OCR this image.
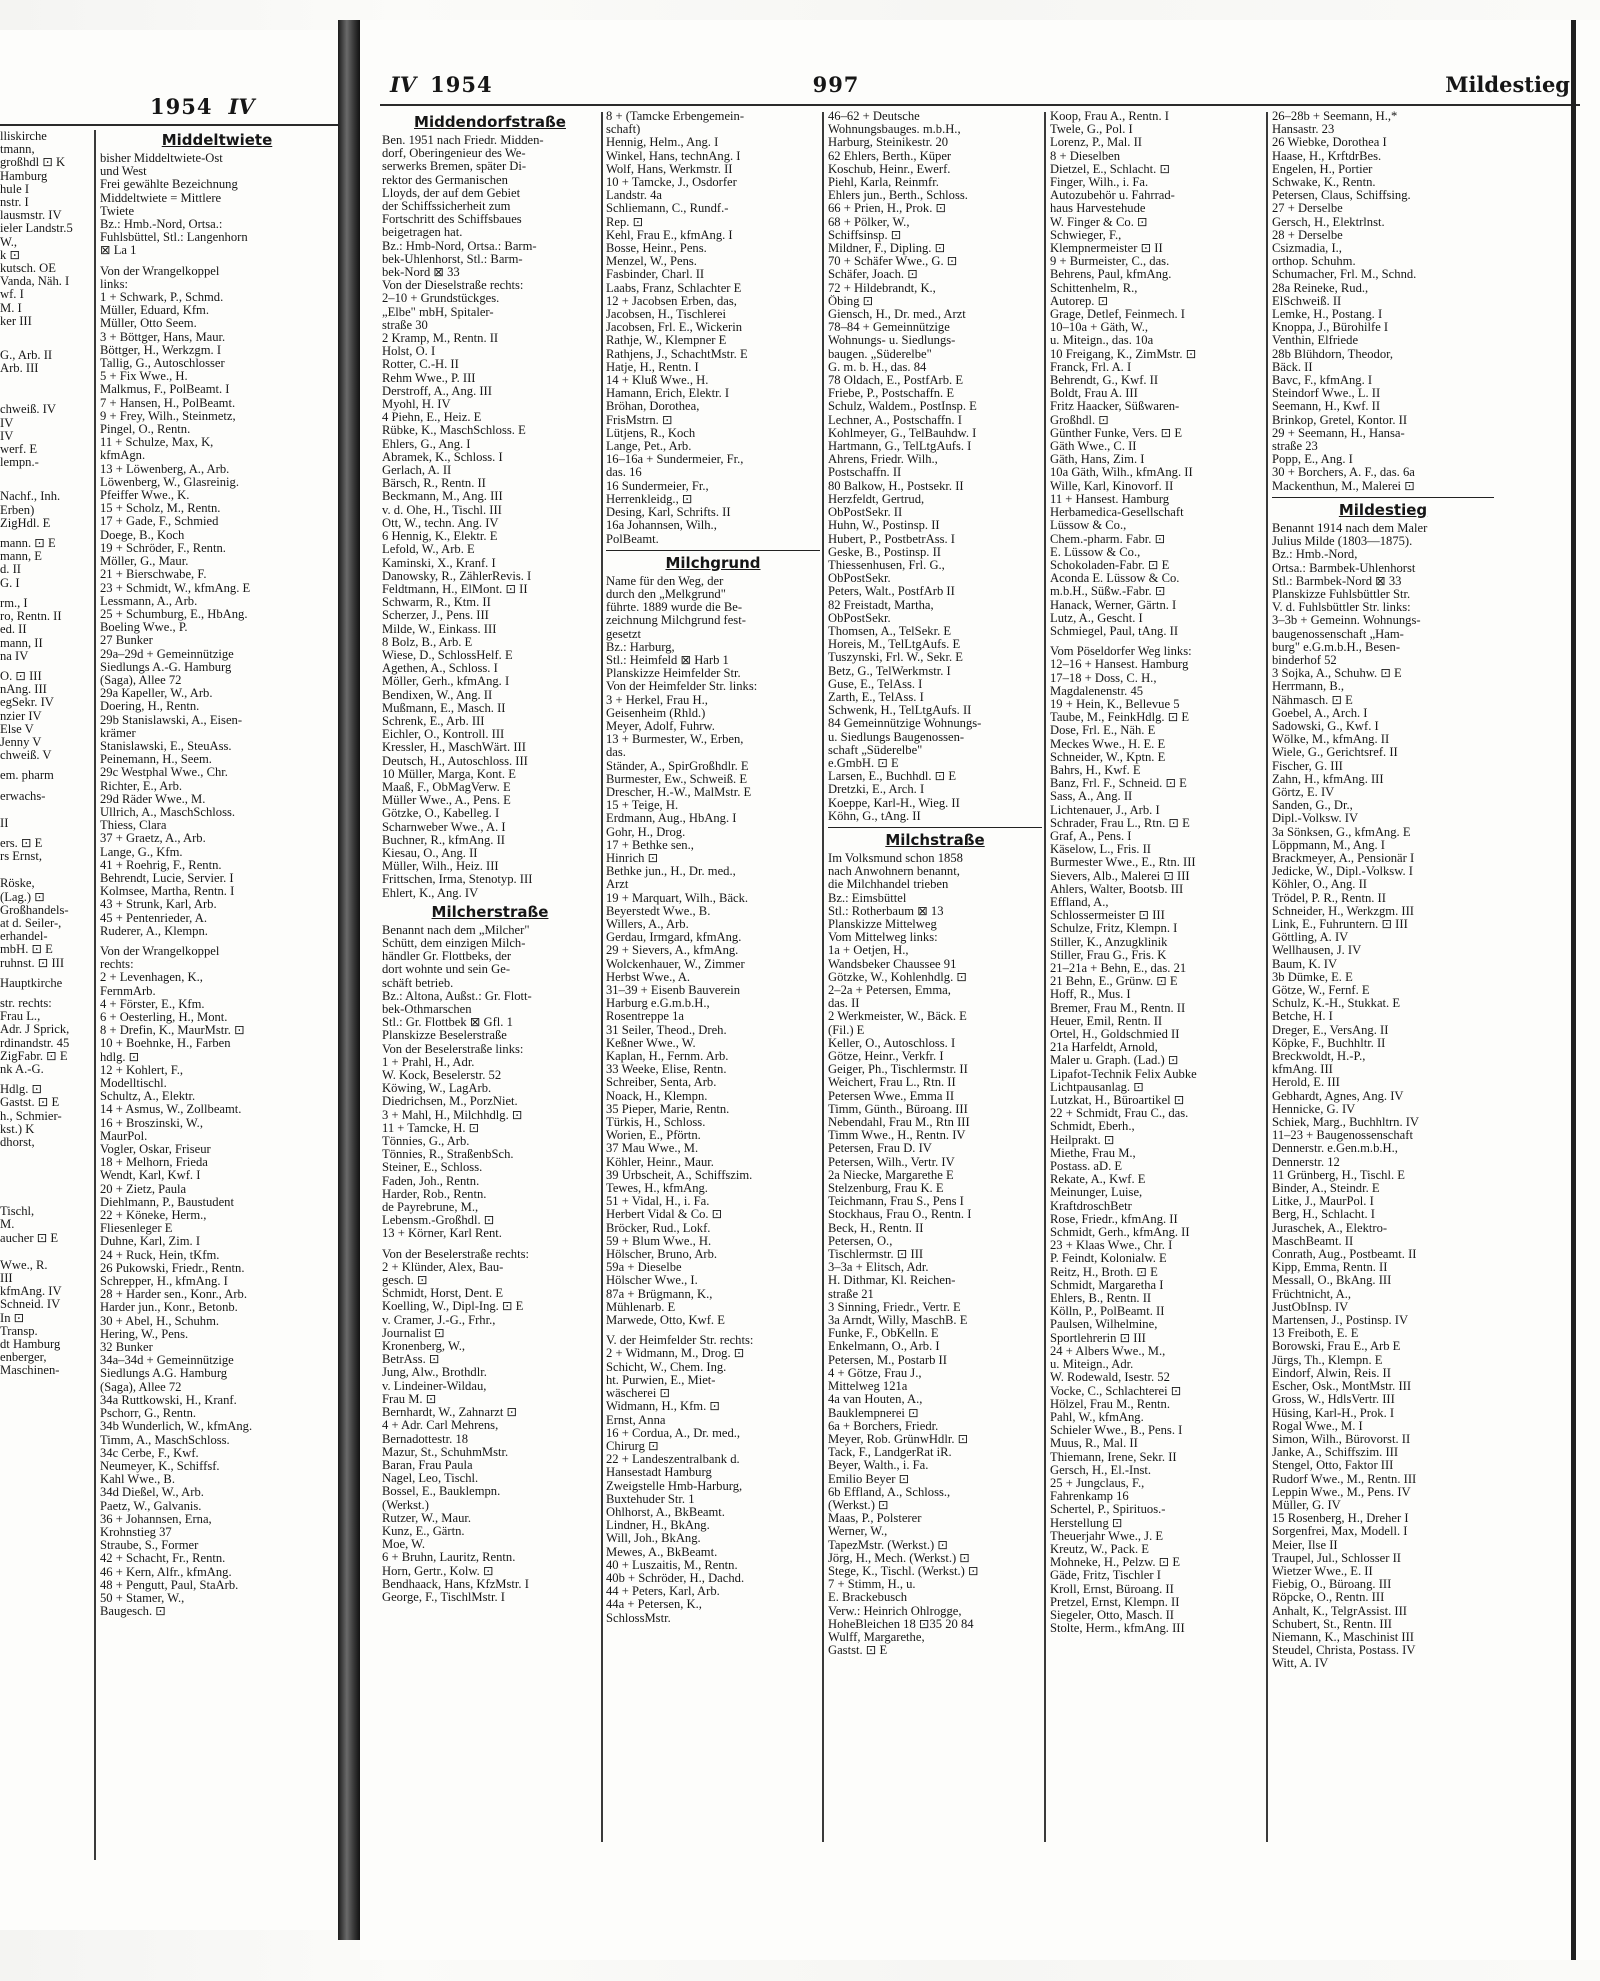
1954 IV
lliskirche
tmann,
großhdl ⊡ K
Hamburg
hule I
nstr. I
lausmstr. IV
ieler Landstr.5
W.,
k ⊡
kutsch. OE
Vanda, Näh. I
wf. I
M. I
ker III
G., Arb. II
Arb. III
chweiß. IV
IV
IV
werf. E
lempn.-
Nachf., Inh.
Erben)
ZigHdl. E
mann. ⊡ E
mann, E
d. II
G. I
rm., I
ro, Rentn. II
ed. II
mann, II
na IV
O. ⊡ III
nAng. III
egSekr. IV
nzier IV
Else V
Jenny V
chweiß. V
em. pharm
erwachs-
II
ers. ⊡ E
rs Ernst,
Röske,
(Lag.) ⊡
Großhandels-
at d. Seiler-,
erhandel-
mbH. ⊡ E
ruhnst. ⊡ III
Hauptkirche
str. rechts:
Frau L.,
Adr. J Sprick,
rdinandstr. 45
ZigFabr. ⊡ E
nk A.-G.
Hdlg. ⊡
Gastst. ⊡ E
h., Schmier-
kst.) K
dhorst,
Tischl,
M.
aucher ⊡ E
Wwe., R.
III
kfmAng. IV
Schneid. IV
In ⊡
Transp.
dt Hamburg
enberger,
Maschinen-
Middeltwiete
bisher Middeltwiete-Ost
und West
Frei gewählte Bezeichnung
Middeltwiete = Mittlere
Twiete
Bz.: Hmb.-Nord, Ortsa.:
Fuhlsbüttel, Stl.: Langenhorn
⊠ La 1
Von der Wrangelkoppel
links:
1 + Schwark, P., Schmd.
Müller, Eduard, Kfm.
Müller, Otto Seem.
3 + Böttger, Hans, Maur.
Böttger, H., Werkzgm. I
Tallig, G., Autoschlosser
5 + Fix Wwe., H.
Malkmus, F., PolBeamt. I
7 + Hansen, H., PolBeamt.
9 + Frey, Wilh., Steinmetz,
Pingel, O., Rentn.
11 + Schulze, Max, K,
kfmAgn.
13 + Löwenberg, A., Arb.
Löwenberg, W., Glasreinig.
Pfeiffer Wwe., K.
15 + Scholz, M., Rentn.
17 + Gade, F., Schmied
Doege, B., Koch
19 + Schröder, F., Rentn.
Möller, G., Maur.
21 + Bierschwabe, F.
23 + Schmidt, W., kfmAng. E
Lessmann, A., Arb.
25 + Schumburg, E., HbAng.
Boeling Wwe., P.
27 Bunker
29a–29d + Gemeinnützige
Siedlungs A.-G. Hamburg
(Saga), Allee 72
29a Kapeller, W., Arb.
Doering, H., Rentn.
29b Stanislawski, A., Eisen-
krämer
Stanislawski, E., SteuAss.
Peinemann, H., Seem.
29c Westphal Wwe., Chr.
Richter, E., Arb.
29d Räder Wwe., M.
Ullrich, A., MaschSchloss.
Thiess, Clara
37 + Graetz, A., Arb.
Lange, G., Kfm.
41 + Roehrig, F., Rentn.
Behrendt, Lucie, Servier. I
Kolmsee, Martha, Rentn. I
43 + Strunk, Karl, Arb.
45 + Pentenrieder, A.
Ruderer, A., Klempn.
Von der Wrangelkoppel
rechts:
2 + Levenhagen, K.,
FernmArb.
4 + Förster, E., Kfm.
6 + Oesterling, H., Mont.
8 + Drefin, K., MaurMstr. ⊡
10 + Boehnke, H., Farben
hdlg. ⊡
12 + Kohlert, F.,
Modelltischl.
Schultz, A., Elektr.
14 + Asmus, W., Zollbeamt.
16 + Broszinski, W.,
MaurPol.
Vogler, Oskar, Friseur
18 + Melhorn, Frieda
Wendt, Karl, Kwf. I
20 + Zietz, Paula
Diehlmann, P., Baustudent
22 + Köneke, Herm.,
Fliesenleger E
Duhne, Karl, Zim. I
24 + Ruck, Hein, tKfm.
26 Pukowski, Friedr., Rentn.
Schrepper, H., kfmAng. I
28 + Harder sen., Konr., Arb.
Harder jun., Konr., Betonb.
30 + Abel, H., Schuhm.
Hering, W., Pens.
32 Bunker
34a–34d + Gemeinnützige
Siedlungs A.G. Hamburg
(Saga), Allee 72
34a Ruttkowski, H., Kranf.
Pschorr, G., Rentn.
34b Wunderlich, W., kfmAng.
Timm, A., MaschSchloss.
34c Cerbe, F., Kwf.
Neumeyer, K., Schiffsf.
Kahl Wwe., B.
34d Dießel, W., Arb.
Paetz, W., Galvanis.
36 + Johannsen, Erna,
Krohnstieg 37
Straube, S., Former
42 + Schacht, Fr., Rentn.
46 + Kern, Alfr., kfmAng.
48 + Pengutt, Paul, StaArb.
50 + Stamer, W.,
Baugesch. ⊡
IV 1954	997	Mildestieg
Middendorfstraße
Ben. 1951 nach Friedr. Midden-
dorf, Oberingenieur des We-
serwerks Bremen, später Di-
rektor des Germanischen
Lloyds, der auf dem Gebiet
der Schiffssicherheit zum
Fortschritt des Schiffsbaues
beigetragen hat.
Bz.: Hmb-Nord, Ortsa.: Barm-
bek-Uhlenhorst, Stl.: Barm-
bek-Nord ⊠ 33
Von der Dieselstraße rechts:
2–10 + Grundstückges.
„Elbe" mbH, Spitaler-
straße 30
2 Kramp, M., Rentn. II
Holst, O. I
Rotter, C.-H. II
Rehm Wwe., P. III
Derstroff, A., Ang. III
Myohl, H. IV
4 Piehn, E., Heiz. E
Rübke, K., MaschSchloss. E
Ehlers, G., Ang. I
Abramek, K., Schloss. I
Gerlach, A. II
Bärsch, R., Rentn. II
Beckmann, M., Ang. III
v. d. Ohe, H., Tischl. III
Ott, W., techn. Ang. IV
6 Hennig, K., Elektr. E
Lefold, W., Arb. E
Kaminski, X., Kranf. I
Danowsky, R., ZählerRevis. I
Feldtmann, H., ElMont. ⊡ II
Schwarm, R., Ktm. II
Scherzer, J., Pens. III
Milde, W., Einkass. III
8 Bolz, B., Arb. E
Wiese, D., SchlossHelf. E
Agethen, A., Schloss. I
Möller, Gerh., kfmAng. I
Bendixen, W., Ang. II
Mußmann, E., Masch. II
Schrenk, E., Arb. III
Eichler, O., Kontroll. III
Kressler, H., MaschWärt. III
Deutsch, H., Autoschloss. III
10 Müller, Marga, Kont. E
Maaß, F., ObMagVerw. E
Müller Wwe., A., Pens. E
Götzke, O., Kabelleg. I
Scharnweber Wwe., A. I
Buchner, R., kfmAng. II
Kiesau, O., Ang. II
Müller, Wilh., Heiz. III
Frittschen, Irma, Stenotyp. III
Ehlert, K., Ang. IV
Milcherstraße
Benannt nach dem „Milcher"
Schütt, dem einzigen Milch-
händler Gr. Flottbeks, der
dort wohnte und sein Ge-
schäft betrieb.
Bz.: Altona, Außst.: Gr. Flott-
bek-Othmarschen
Stl.: Gr. Flottbek ⊠ Gfl. 1
Planskizze Beselerstraße
Von der Beselerstraße links:
1 + Prahl, H., Adr.
W. Kock, Beselerstr. 52
Köwing, W., LagArb.
Diedrichsen, M., PorzNiet.
3 + Mahl, H., Milchhdlg. ⊡
11 + Tamcke, H. ⊡
Tönnies, G., Arb.
Tönnies, R., StraßenbSch.
Steiner, E., Schloss.
Faden, Joh., Rentn.
Harder, Rob., Rentn.
de Payrebrune, M.,
Lebensm.-Großhdl. ⊡
13 + Körner, Karl Rent.
Von der Beselerstraße rechts:
2 + Klünder, Alex, Bau-
gesch. ⊡
Schmidt, Horst, Dent. E
Koelling, W., Dipl-Ing. ⊡ E
v. Cramer, J.-G., Frhr.,
Journalist ⊡
Kronenberg, W.,
BetrAss. ⊡
Jung, Alw., Brothdlr.
v. Lindeiner-Wildau,
Frau M. ⊡
Bernhardt, W., Zahnarzt ⊡
4 + Adr. Carl Mehrens,
Bernadottestr. 18
Mazur, St., SchuhmMstr.
Baran, Frau Paula
Nagel, Leo, Tischl.
Bossel, E., Bauklempn.
(Werkst.)
Rutzer, W., Maur.
Kunz, E., Gärtn.
Moe, W.
6 + Bruhn, Lauritz, Rentn.
Horn, Gertr., Kolw. ⊡
Bendhaack, Hans, KfzMstr. I
George, F., TischlMstr. I
8 + (Tamcke Erbengemein-
schaft)
Hennig, Helm., Ang. I
Winkel, Hans, technAng. I
Wolf, Hans, Werkmstr. II
10 + Tamcke, J., Osdorfer
Landstr. 4a
Schliemann, C., Rundf.-
Rep. ⊡
Kehl, Frau E., kfmAng. I
Bosse, Heinr., Pens.
Menzel, W., Pens.
Fasbinder, Charl. II
Laabs, Franz, Schlachter E
12 + Jacobsen Erben, das,
Jacobsen, H., Tischlerei
Jacobsen, Frl. E., Wickerin
Rathje, W., Klempner E
Rathjens, J., SchachtMstr. E
Hatje, H., Rentn. I
14 + Kluß Wwe., H.
Hamann, Erich, Elektr. I
Bröhan, Dorothea,
FrisMstrn. ⊡
Lütjens, R., Koch
Lange, Pet., Arb.
16–16a + Sundermeier, Fr.,
das. 16
16 Sundermeier, Fr.,
Herrenkleidg., ⊡
Desing, Karl, Schrifts. II
16a Johannsen, Wilh.,
PolBeamt.
Milchgrund
Name für den Weg, der
durch den „Melkgrund"
führte. 1889 wurde die Be-
zeichnung Milchgrund fest-
gesetzt
Bz.: Harburg,
Stl.: Heimfeld ⊠ Harb 1
Planskizze Heimfelder Str.
Von der Heimfelder Str. links:
3 + Herkel, Frau H.,
Geisenheim (Rhld.)
Meyer, Adolf, Fuhrw.
13 + Burmester, W., Erben,
das.
Ständer, A., SpirGroßhdlr. E
Burmester, Ew., Schweiß. E
Drescher, H.-W., MalMstr. E
15 + Teige, H.
Erdmann, Aug., HbAng. I
Gohr, H., Drog.
17 + Bethke sen.,
Hinrich ⊡
Bethke jun., H., Dr. med.,
Arzt
19 + Marquart, Wilh., Bäck.
Beyerstedt Wwe., B.
Willers, A., Arb.
Gerdau, Irmgard, kfmAng.
29 + Sievers, A., kfmAng.
Wolckenhauer, W., Zimmer
Herbst Wwe., A.
31–39 + Eisenb Bauverein
Harburg e.G.m.b.H.,
Rosentreppe 1a
31 Seiler, Theod., Dreh.
Keßner Wwe., W.
Kaplan, H., Fernm. Arb.
33 Weeke, Elise, Rentn.
Schreiber, Senta, Arb.
Noack, H., Klempn.
35 Pieper, Marie, Rentn.
Türkis, H., Schloss.
Worien, E., Pförtn.
37 Mau Wwe., M.
Köhler, Heinr., Maur.
39 Urbscheit, A., Schiffszim.
Tewes, H., kfmAng.
51 + Vidal, H., i. Fa.
Herbert Vidal & Co. ⊡
Bröcker, Rud., Lokf.
59 + Blum Wwe., H.
Hölscher, Bruno, Arb.
59a + Dieselbe
Hölscher Wwe., I.
87a + Brügmann, K.,
Mühlenarb. E
Marwede, Otto, Kwf. E
V. der Heimfelder Str. rechts:
2 + Widmann, M., Drog. ⊡
Schicht, W., Chem. Ing.
ht. Purwien, E., Miet-
wäscherei ⊡
Widmann, H., Kfm. ⊡
Ernst, Anna
16 + Cordua, A., Dr. med.,
Chirurg ⊡
22 + Landeszentralbank d.
Hansestadt Hamburg
Zweigstelle Hmb-Harburg,
Buxtehuder Str. 1
Ohlhorst, A., BkBeamt.
Lindner, H., BkAng.
Will, Joh., BkAng.
Mewes, A., BkBeamt.
40 + Luszaitis, M., Rentn.
40b + Schröder, H., Dachd.
44 + Peters, Karl, Arb.
44a + Petersen, K.,
SchlossMstr.
46–62 + Deutsche
Wohnungsbauges. m.b.H.,
Harburg, Steinikestr. 20
62 Ehlers, Berth., Küper
Koschub, Heinr., Ewerf.
Piehl, Karla, Reinmfr.
Ehlers jun., Berth., Schloss.
66 + Prien, H., Prok. ⊡
68 + Pölker, W.,
Schiffsinsp. ⊡
Mildner, F., Dipling. ⊡
70 + Schäfer Wwe., G. ⊡
Schäfer, Joach. ⊡
72 + Hildebrandt, K.,
Öbing ⊡
Giensch, H., Dr. med., Arzt
78–84 + Gemeinnützige
Wohnungs- u. Siedlungs-
baugen. „Süderelbe"
G. m. b. H., das. 84
78 Oldach, E., PostfArb. E
Friebe, P., Postschaffn. E
Schulz, Waldem., PostInsp. E
Lechner, A., Postschaffn. I
Kohlmeyer, G., TelBauhdw. I
Hartmann, G., TelLtgAufs. I
Ahrens, Friedr. Wilh.,
Postschaffn. II
80 Balkow, H., Postsekr. II
Herzfeldt, Gertrud,
ObPostSekr. II
Huhn, W., Postinsp. II
Hubert, P., PostbetrAss. I
Geske, B., Postinsp. II
Thiessenhusen, Frl. G.,
ObPostSekr.
Peters, Walt., PostfArb II
82 Freistadt, Martha,
ObPostSekr.
Thomsen, A., TelSekr. E
Horeis, M., TelLtgAufs. E
Tuszynski, Frl. W., Sekr. E
Betz, G., TelWerkmstr. I
Guse, E., TelAss. I
Zarth, E., TelAss. I
Schwenk, H., TelLtgAufs. II
84 Gemeinnützige Wohnungs-
u. Siedlungs Baugenossen-
schaft „Süderelbe"
e.GmbH. ⊡ E
Larsen, E., Buchhdl. ⊡ E
Dretzki, E., Arch. I
Koeppe, Karl-H., Wieg. II
Köhn, G., tAng. II
Milchstraße
Im Volksmund schon 1858
nach Anwohnern benannt,
die Milchhandel trieben
Bz.: Eimsbüttel
Stl.: Rotherbaum ⊠ 13
Planskizze Mittelweg
Vom Mittelweg links:
1a + Oetjen, H.,
Wandsbeker Chaussee 91
Götzke, W., Kohlenhdlg. ⊡
2–2a + Petersen, Emma,
das. II
2 Werkmeister, W., Bäck. E
(Fil.) E
Keller, O., Autoschloss. I
Götze, Heinr., Verkfr. I
Geiger, Ph., Tischlermstr. II
Weichert, Frau L., Rtn. II
Petersen Wwe., Emma II
Timm, Günth., Büroang. III
Nebendahl, Frau M., Rtn III
Timm Wwe., H., Rentn. IV
Petersen, Frau D. IV
Petersen, Wilh., Vertr. IV
2a Niecke, Margarethe E
Stelzenburg, Frau K. E
Teichmann, Frau S., Pens I
Stockhaus, Frau O., Rentn. I
Beck, H., Rentn. II
Petersen, O.,
Tischlermstr. ⊡ III
3–3a + Elitsch, Adr.
H. Dithmar, Kl. Reichen-
straße 21
3 Sinning, Friedr., Vertr. E
3a Arndt, Willy, MaschB. E
Funke, F., ObKelln. E
Enkelmann, O., Arb. I
Petersen, M., Postarb II
4 + Götze, Frau J.,
Mittelweg 121a
4a van Houten, A.,
Bauklempnerei ⊡
6a + Borchers, Friedr.
Meyer, Rob. GrünwHdlr. ⊡
Tack, F., LandgerRat iR.
Beyer, Walth., i. Fa.
Emilio Beyer ⊡
6b Effland, A., Schloss.,
(Werkst.) ⊡
Maas, P., Polsterer
Werner, W.,
TapezMstr. (Werkst.) ⊡
Jörg, H., Mech. (Werkst.) ⊡
Stege, K., Tischl. (Werkst.) ⊡
7 + Stimm, H., u.
E. Brackebusch
Verw.: Heinrich Ohlrogge,
HoheBleichen 18 ⊡35 20 84
Wulff, Margarethe,
Gastst. ⊡ E
Koop, Frau A., Rentn. I
Twele, G., Pol. I
Lorenz, P., Mal. II
8 + Dieselben
Dietzel, E., Schlacht. ⊡
Finger, Wilh., i. Fa.
Autozubehör u. Fahrrad-
haus Harvestehude
W. Finger & Co. ⊡
Schwieger, F.,
Klempnermeister ⊡ II
9 + Burmeister, C., das.
Behrens, Paul, kfmAng.
Schittenhelm, R.,
Autorep. ⊡
Grage, Detlef, Feinmech. I
10–10a + Gäth, W.,
u. Miteign., das. 10a
10 Freigang, K., ZimMstr. ⊡
Franck, Frl. A. I
Behrendt, G., Kwf. II
Boldt, Frau A. III
Fritz Haacker, Süßwaren-
Großhdl. ⊡
Günther Funke, Vers. ⊡ E
Gäth Wwe., C. II
Gäth, Hans, Zim. I
10a Gäth, Wilh., kfmAng. II
Wille, Karl, Kinovorf. II
11 + Hansest. Hamburg
Herbamedica-Gesellschaft
Lüssow & Co.,
Chem.-pharm. Fabr. ⊡
E. Lüssow & Co.,
Schokoladen-Fabr. ⊡ E
Aconda E. Lüssow & Co.
m.b.H., Süßw.-Fabr. ⊡
Hanack, Werner, Gärtn. I
Lutz, A., Gescht. I
Schmiegel, Paul, tAng. II
Vom Pöseldorfer Weg links:
12–16 + Hansest. Hamburg
17–18 + Doss, C. H.,
Magdalenenstr. 45
19 + Hein, K., Bellevue 5
Taube, M., FeinkHdlg. ⊡ E
Dose, Frl. E., Näh. E
Meckes Wwe., H. E. E
Schneider, W., Kptn. E
Bahrs, H., Kwf. E
Banz, Frl. F., Schneid. ⊡ E
Sass, A., Ang. II
Lichtenauer, J., Arb. I
Schrader, Frau L., Rtn. ⊡ E
Graf, A., Pens. I
Käselow, L., Fris. II
Burmester Wwe., E., Rtn. III
Sievers, Alb., Malerei ⊡ III
Ahlers, Walter, Bootsb. III
Effland, A.,
Schlossermeister ⊡ III
Schulze, Fritz, Klempn. I
Stiller, K., Anzugklinik
Stiller, Frau G., Fris. K
21–21a + Behn, E., das. 21
21 Behn, E., Grünw. ⊡ E
Hoff, R., Mus. I
Bremer, Frau M., Rentn. II
Heuer, Emil, Rentn. II
Ortel, H., Goldschmied II
21a Harfeldt, Arnold,
Maler u. Graph. (Lad.) ⊡
Lipafot-Technik Felix Aubke
Lichtpausanlag. ⊡
Lutzkat, H., Büroartikel ⊡
22 + Schmidt, Frau C., das.
Schmidt, Eberh.,
Heilprakt. ⊡
Miethe, Frau M.,
Postass. aD. E
Rekate, A., Kwf. E
Meinunger, Luise,
KraftdroschBetr
Rose, Friedr., kfmAng. II
Schmidt, Gerh., kfmAng. II
23 + Klaas Wwe., Chr. I
P. Feindt, Kolonialw. E
Reitz, H., Broth. ⊡ E
Schmidt, Margaretha I
Ehlers, B., Rentn. II
Kölln, P., PolBeamt. II
Paulsen, Wilhelmine,
Sportlehrerin ⊡ III
24 + Albers Wwe., M.,
u. Miteign., Adr.
W. Rodewald, Isestr. 52
Vocke, C., Schlachterei ⊡
Hölzel, Frau M., Rentn.
Pahl, W., kfmAng.
Schieler Wwe., B., Pens. I
Muus, R., Mal. II
Thiemann, Irene, Sekr. II
Gersch, H., El.-Inst.
25 + Jungclaus, F.,
Fahrenkamp 16
Schertel, P., Spirituos.-
Herstellung ⊡
Theuerjahr Wwe., J. E
Kreutz, W., Pack. E
Mohneke, H., Pelzw. ⊡ E
Gäde, Fritz, Tischler I
Kroll, Ernst, Büroang. II
Pretzel, Ernst, Klempn. II
Siegeler, Otto, Masch. II
Stolte, Herm., kfmAng. III
26–28b + Seemann, H.,*
Hansastr. 23
26 Wiebke, Dorothea I
Haase, H., KrftdrBes.
Engelen, H., Portier
Schwake, K., Rentn.
Petersen, Claus, Schiffsing.
27 + Derselbe
Gersch, H., Elektrlnst.
28 + Derselbe
Csizmadia, I.,
orthop. Schuhm.
Schumacher, Frl. M., Schnd.
28a Reineke, Rud.,
ElSchweiß. II
Lemke, H., Postang. I
Knoppa, J., Bürohilfe I
Venthin, Elfriede
28b Blühdorn, Theodor,
Bäck. II
Bavc, F., kfmAng. I
Steindorf Wwe., L. II
Seemann, H., Kwf. II
Brinkop, Gretel, Kontor. II
29 + Seemann, H., Hansa-
straße 23
Popp, E., Ang. I
30 + Borchers, A. F., das. 6a
Mackenthun, M., Malerei ⊡
Mildestieg
Benannt 1914 nach dem Maler
Julius Milde (1803—1875).
Bz.: Hmb.-Nord,
Ortsa.: Barmbek-Uhlenhorst
Stl.: Barmbek-Nord ⊠ 33
Planskizze Fuhlsbüttler Str.
V. d. Fuhlsbüttler Str. links:
3–3b + Gemeinn. Wohnungs-
baugenossenschaft „Ham-
burg" e.G.m.b.H., Besen-
binderhof 52
3 Sojka, A., Schuhw. ⊡ E
Herrmann, B.,
Nähmasch. ⊡ E
Goebel, A., Arch. I
Sadowski, G., Kwf. I
Wölke, M., kfmAng. II
Wiele, G., Gerichtsref. II
Fischer, G. III
Zahn, H., kfmAng. III
Görtz, E. IV
Sanden, G., Dr.,
Dipl.-Volksw. IV
3a Sönksen, G., kfmAng. E
Löppmann, M., Ang. I
Brackmeyer, A., Pensionär I
Jedicke, W., Dipl.-Volksw. I
Köhler, O., Ang. II
Trödel, P. R., Rentn. II
Schneider, H., Werkzgm. III
Link, E., Fuhruntern. ⊡ III
Göttling, A. IV
Wellhausen, J. IV
Baum, K. IV
3b Dümke, E. E
Götze, W., Fernf. E
Schulz, K.-H., Stukkat. E
Betche, H. I
Dreger, E., VersAng. II
Köpke, F., Buchhltr. II
Breckwoldt, H.-P.,
kfmAng. III
Herold, E. III
Gebhardt, Agnes, Ang. IV
Hennicke, G. IV
Schiek, Marg., Buchhltrn. IV
11–23 + Baugenossenschaft
Dennerstr. e.Gen.m.b.H.,
Dennerstr. 12
11 Grünberg, H., Tischl. E
Binder, A., Steindr. E
Litke, J., MaurPol. I
Berg, H., Schlacht. I
Juraschek, A., Elektro-
MaschBeamt. II
Conrath, Aug., Postbeamt. II
Kipp, Emma, Rentn. II
Messall, O., BkAng. III
Früchtnicht, A.,
JustObInsp. IV
Martensen, J., Postinsp. IV
13 Freiboth, E. E
Borowski, Frau E., Arb E
Jürgs, Th., Klempn. E
Eindorf, Alwin, Reis. II
Escher, Osk., MontMstr. III
Gross, W., HdlsVertr. III
Hüsing, Karl-H., Prok. I
Rogal Wwe., M. I
Simon, Wilh., Bürovorst. II
Janke, A., Schiffszim. III
Stengel, Otto, Faktor III
Rudorf Wwe., M., Rentn. III
Leppin Wwe., M., Pens. IV
Müller, G. IV
15 Rosenberg, H., Dreher I
Sorgenfrei, Max, Modell. I
Meier, Ilse II
Traupel, Jul., Schlosser II
Wietzer Wwe., E. II
Fiebig, O., Büroang. III
Röpcke, O., Rentn. III
Anhalt, K., TelgrAssist. III
Schubert, St., Rentn. III
Niemann, K., Maschinist III
Steudel, Christa, Postass. IV
Witt, A. IV
